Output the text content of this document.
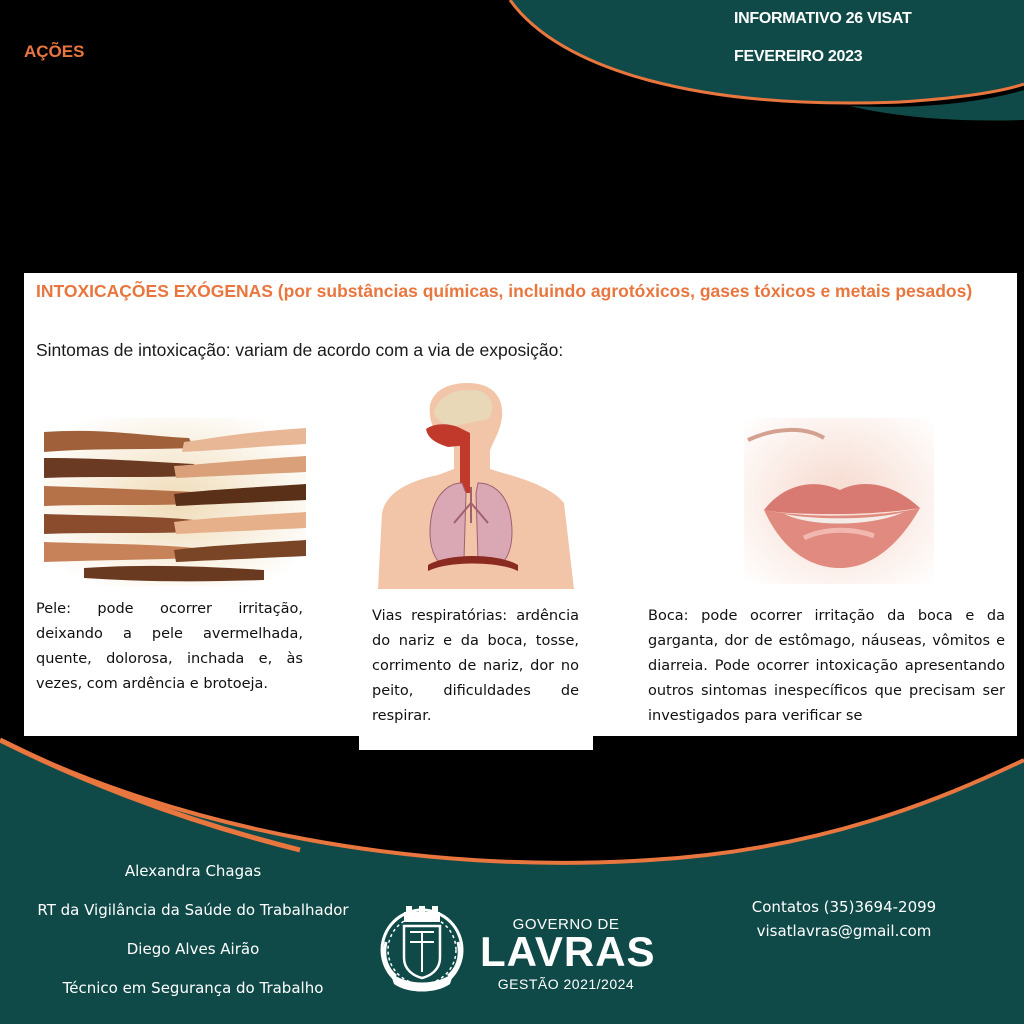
INFORMATIVO 26 VISAT
FEVEREIRO 2023
AÇÕES
INTOXICAÇÕES EXÓGENAS (por substâncias químicas, incluindo agrotóxicos, gases tóxicos e metais pesados)
Sintomas de intoxicação: variam de acordo com a via de exposição:
Pele: pode ocorrer irritação, deixando a pele avermelhada, quente, dolorosa, inchada e, às vezes, com ardência e brotoeja.
Vias respiratórias: ardência do nariz e da boca, tosse, corrimento de nariz, dor no peito, dificuldades de respirar.
Boca: pode ocorrer irritação da boca e da garganta, dor de estômago, náuseas, vômitos e diarreia. Pode ocorrer intoxicação apresentando outros sintomas inespecíficos que precisam ser investigados para verificar se
Alexandra Chagas
RT da Vigilância da Saúde do Trabalhador
Diego Alves Airão
Técnico em Segurança do Trabalho
GOVERNO DE
LAVRAS
GESTÃO 2021/2024
Contatos (35)3694-2099
visatlavras@gmail.com
